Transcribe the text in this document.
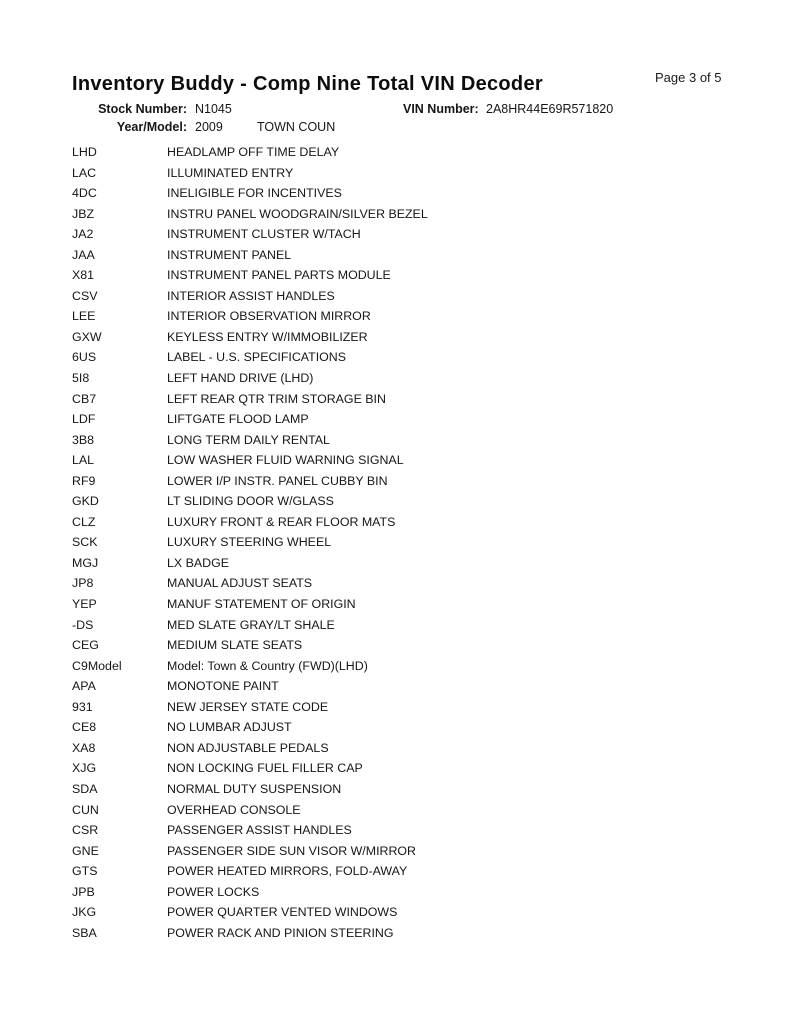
Inventory Buddy - Comp Nine Total VIN Decoder	Page 3 of 5
Stock Number: N1045	VIN Number: 2A8HR44E69R571820
Year/Model: 2009	TOWN COUN
LHD	HEADLAMP OFF TIME DELAY
LAC	ILLUMINATED ENTRY
4DC	INELIGIBLE FOR INCENTIVES
JBZ	INSTRU PANEL WOODGRAIN/SILVER BEZEL
JA2	INSTRUMENT CLUSTER W/TACH
JAA	INSTRUMENT PANEL
X81	INSTRUMENT PANEL PARTS MODULE
CSV	INTERIOR ASSIST HANDLES
LEE	INTERIOR OBSERVATION MIRROR
GXW	KEYLESS ENTRY W/IMMOBILIZER
6US	LABEL - U.S. SPECIFICATIONS
5I8	LEFT HAND DRIVE (LHD)
CB7	LEFT REAR QTR TRIM STORAGE BIN
LDF	LIFTGATE FLOOD LAMP
3B8	LONG TERM DAILY RENTAL
LAL	LOW WASHER FLUID WARNING SIGNAL
RF9	LOWER I/P INSTR. PANEL CUBBY BIN
GKD	LT SLIDING DOOR W/GLASS
CLZ	LUXURY FRONT & REAR FLOOR MATS
SCK	LUXURY STEERING WHEEL
MGJ	LX BADGE
JP8	MANUAL ADJUST SEATS
YEP	MANUF STATEMENT OF ORIGIN
-DS	MED SLATE GRAY/LT SHALE
CEG	MEDIUM SLATE SEATS
C9Model	Model: Town & Country (FWD)(LHD)
APA	MONOTONE PAINT
931	NEW JERSEY STATE CODE
CE8	NO LUMBAR ADJUST
XA8	NON ADJUSTABLE PEDALS
XJG	NON LOCKING FUEL FILLER CAP
SDA	NORMAL DUTY SUSPENSION
CUN	OVERHEAD CONSOLE
CSR	PASSENGER ASSIST HANDLES
GNE	PASSENGER SIDE SUN VISOR W/MIRROR
GTS	POWER HEATED MIRRORS, FOLD-AWAY
JPB	POWER LOCKS
JKG	POWER QUARTER VENTED WINDOWS
SBA	POWER RACK AND PINION STEERING
